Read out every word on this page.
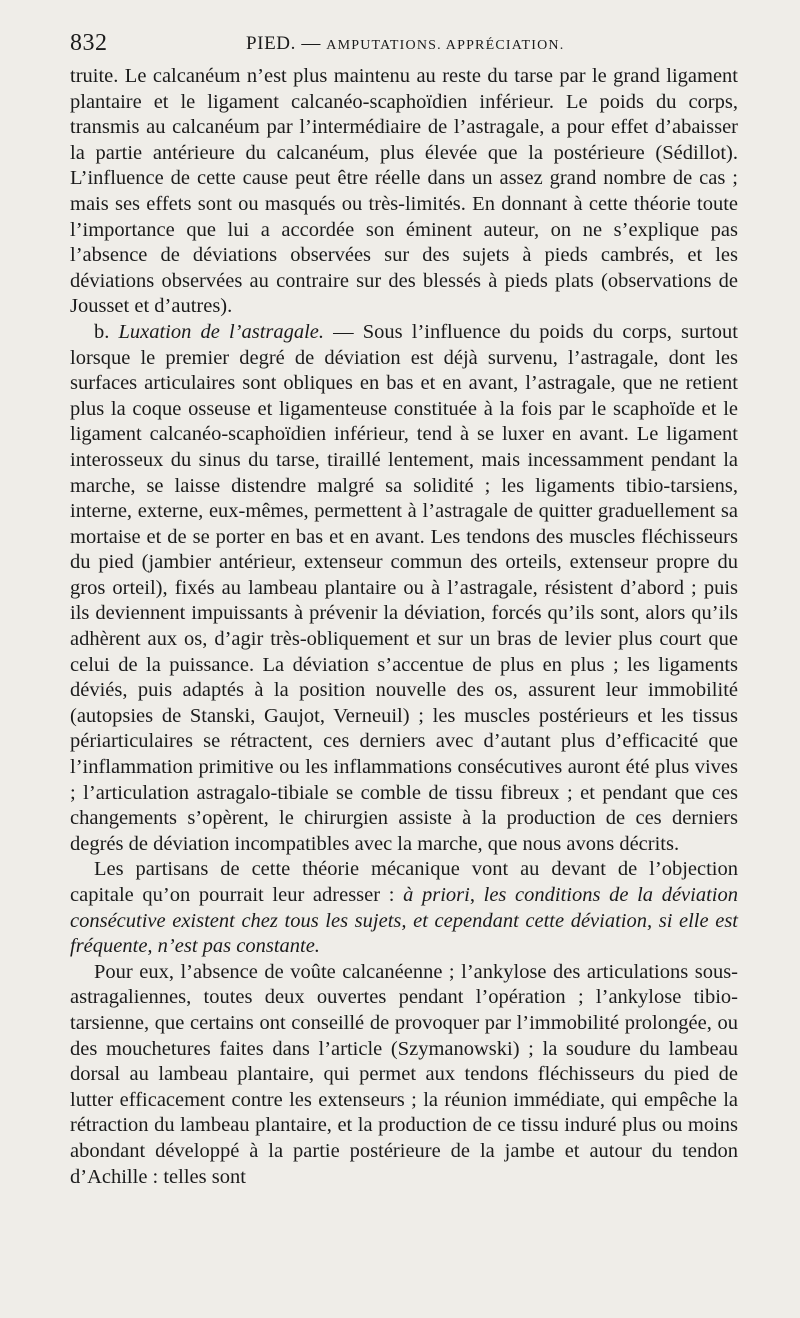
832	PIED. — AMPUTATIONS. APPRÉCIATION.

truite. Le calcanéum n’est plus maintenu au reste du tarse par le grand ligament plantaire et le ligament calcanéo-scaphoïdien inférieur. Le poids du corps, transmis au calcanéum par l’intermédiaire de l’astragale, a pour effet d’abaisser la partie antérieure du calcanéum, plus élevée que la postérieure (Sédillot). L’influence de cette cause peut être réelle dans un assez grand nombre de cas ; mais ses effets sont ou masqués ou très-limités. En donnant à cette théorie toute l’importance que lui a accordée son éminent auteur, on ne s’explique pas l’absence de déviations observées sur des sujets à pieds cambrés, et les déviations observées au contraire sur des blessés à pieds plats (observations de Jousset et d’autres).

b. Luxation de l’astragale. — Sous l’influence du poids du corps, surtout lorsque le premier degré de déviation est déjà survenu, l’astragale, dont les surfaces articulaires sont obliques en bas et en avant, l’astragale, que ne retient plus la coque osseuse et ligamenteuse constituée à la fois par le scaphoïde et le ligament calcanéo-scaphoïdien inférieur, tend à se luxer en avant. Le ligament interosseux du sinus du tarse, tiraillé lentement, mais incessamment pendant la marche, se laisse distendre malgré sa solidité ; les ligaments tibio-tarsiens, interne, externe, eux-mêmes, permettent à l’astragale de quitter graduellement sa mortaise et de se porter en bas et en avant. Les tendons des muscles fléchisseurs du pied (jambier antérieur, extenseur commun des orteils, extenseur propre du gros orteil), fixés au lambeau plantaire ou à l’astragale, résistent d’abord ; puis ils deviennent impuissants à prévenir la déviation, forcés qu’ils sont, alors qu’ils adhèrent aux os, d’agir très-obliquement et sur un bras de levier plus court que celui de la puissance. La déviation s’accentue de plus en plus ; les ligaments déviés, puis adaptés à la position nouvelle des os, assurent leur immobilité (autopsies de Stanski, Gaujot, Verneuil) ; les muscles postérieurs et les tissus périarticulaires se rétractent, ces derniers avec d’autant plus d’efficacité que l’inflammation primitive ou les inflammations consécutives auront été plus vives ; l’articulation astragalo-tibiale se comble de tissu fibreux ; et pendant que ces changements s’opèrent, le chirurgien assiste à la production de ces derniers degrés de déviation incompatibles avec la marche, que nous avons décrits.

Les partisans de cette théorie mécanique vont au devant de l’objection capitale qu’on pourrait leur adresser : à priori, les conditions de la déviation consécutive existent chez tous les sujets, et cependant cette déviation, si elle est fréquente, n’est pas constante.

Pour eux, l’absence de voûte calcanéenne ; l’ankylose des articulations sous-astragaliennes, toutes deux ouvertes pendant l’opération ; l’ankylose tibio-tarsienne, que certains ont conseillé de provoquer par l’immobilité prolongée, ou des mouchetures faites dans l’article (Szymanowski) ; la soudure du lambeau dorsal au lambeau plantaire, qui permet aux tendons fléchisseurs du pied de lutter efficacement contre les extenseurs ; la réunion immédiate, qui empêche la rétraction du lambeau plantaire, et la production de ce tissu induré plus ou moins abondant développé à la partie postérieure de la jambe et autour du tendon d’Achille : telles sont
